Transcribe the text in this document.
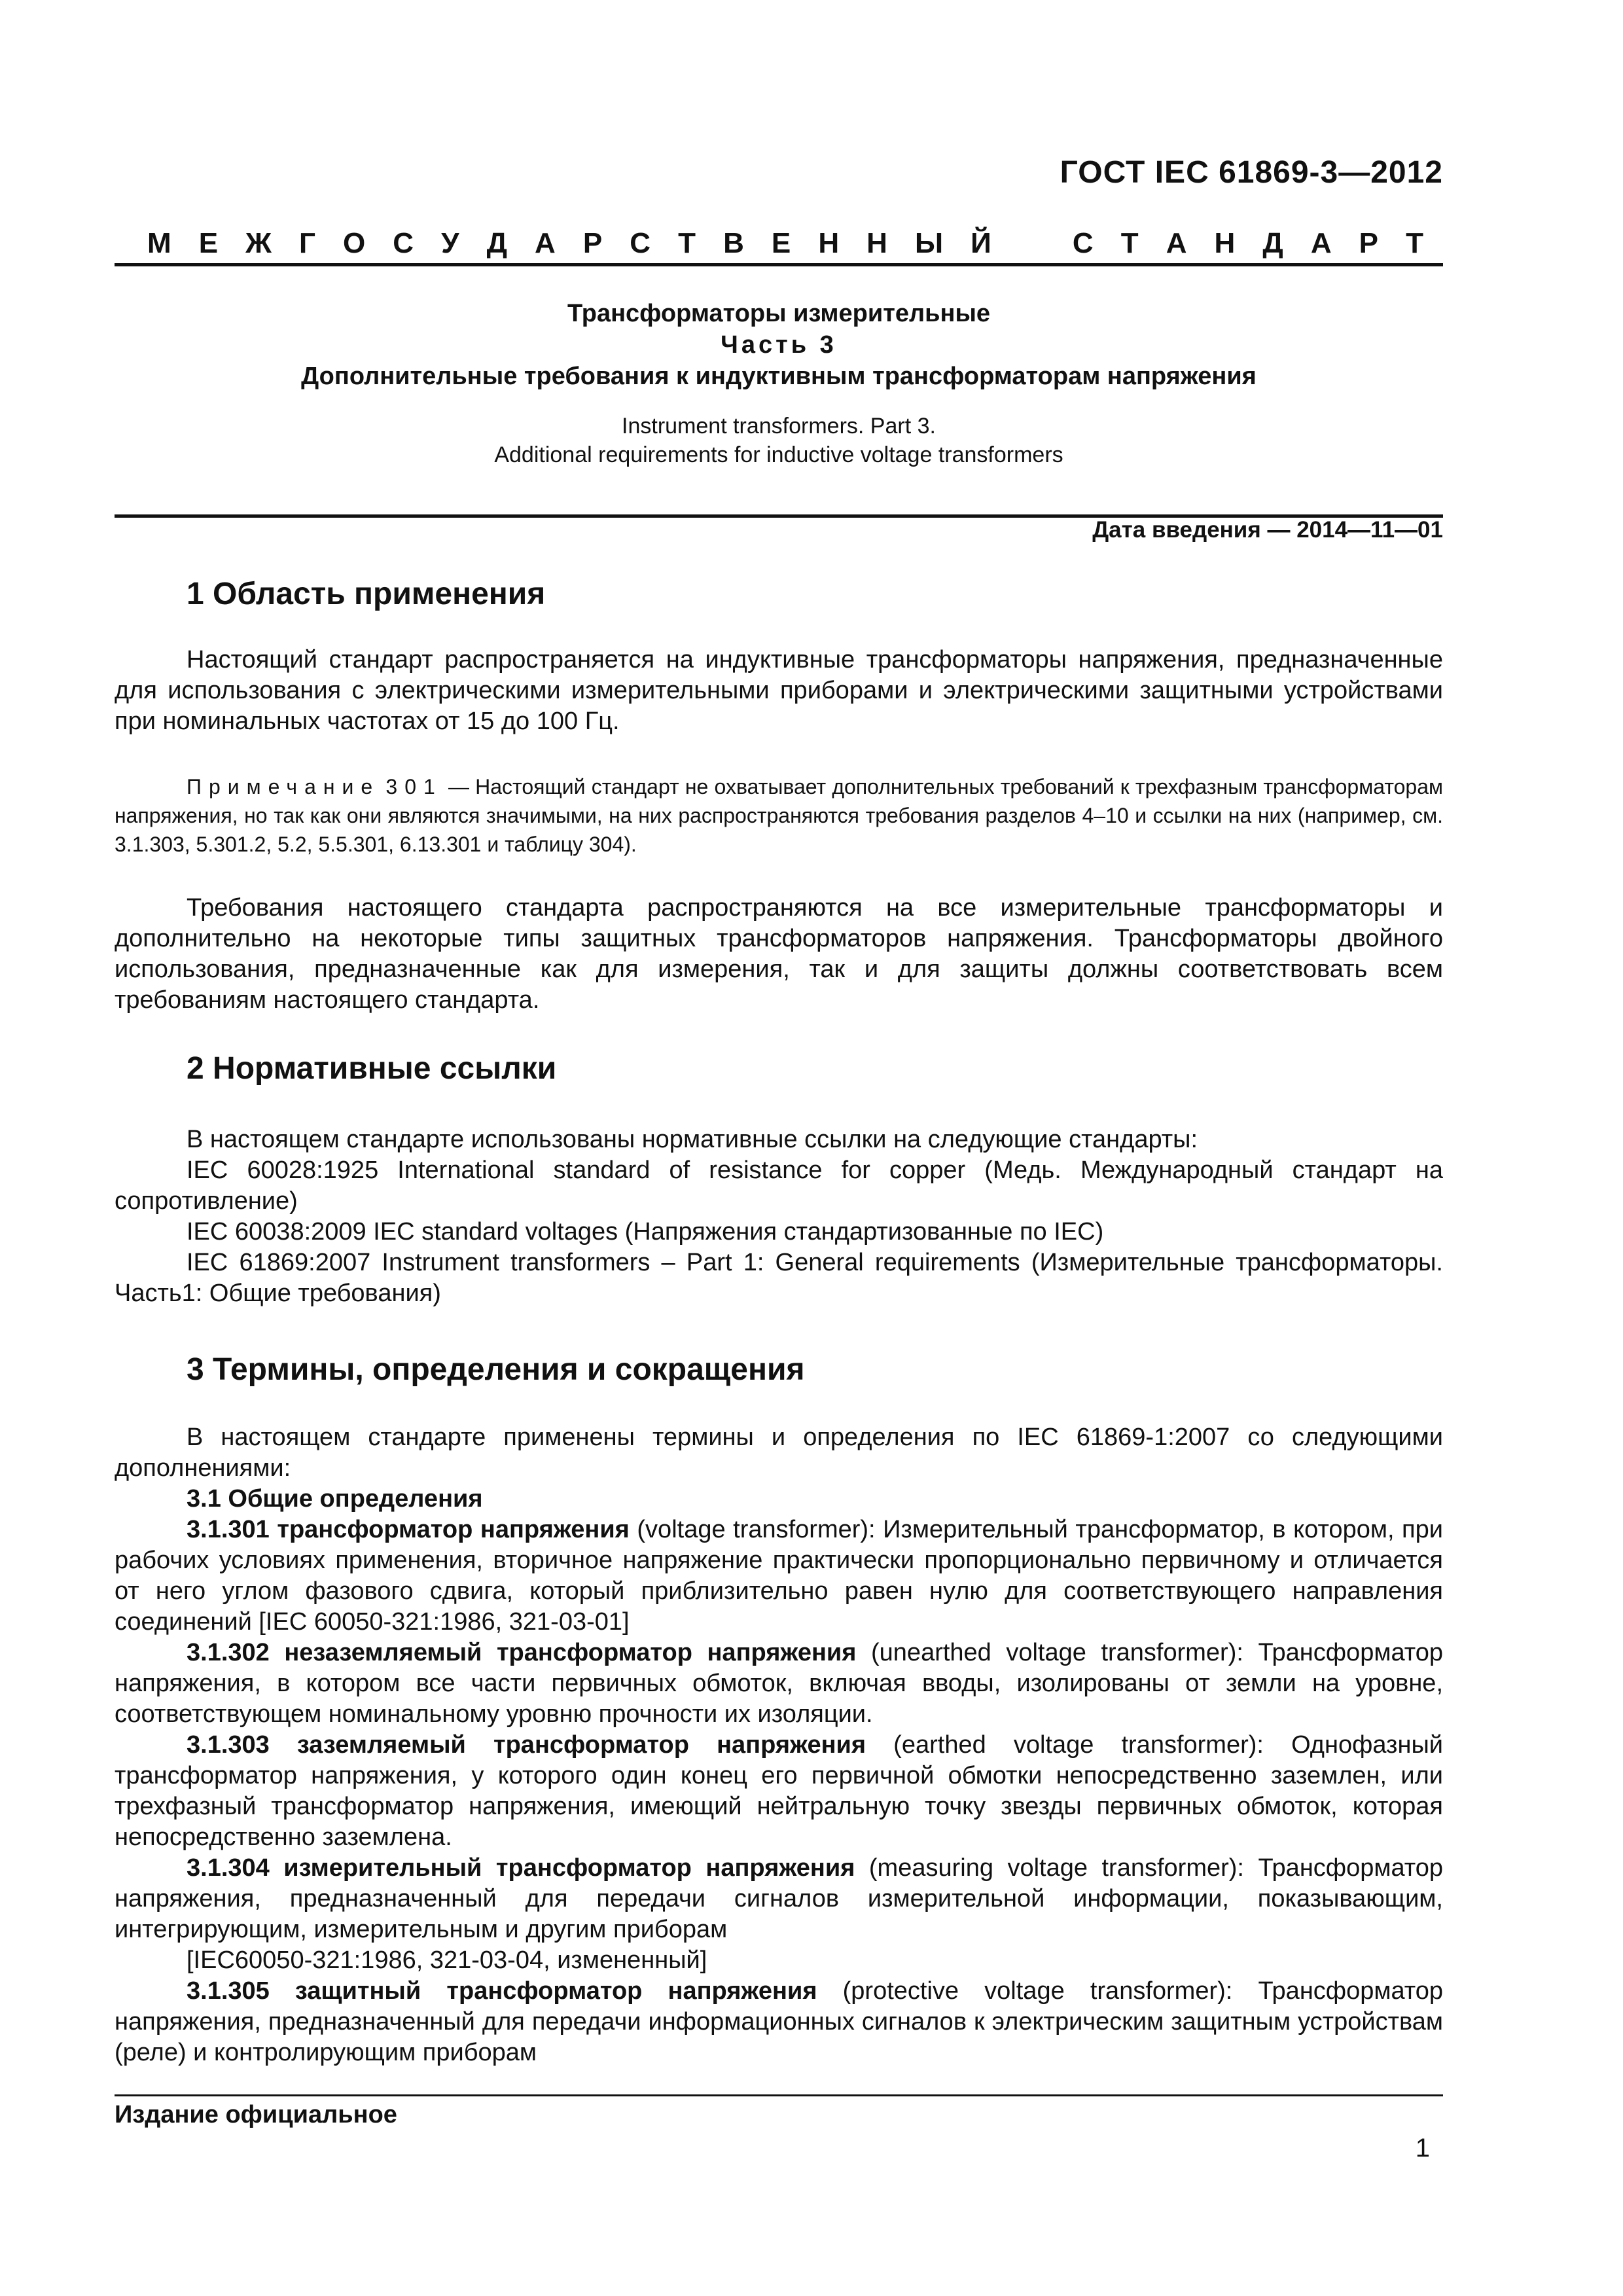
ГОСТ IEC 61869-3—2012
М Е Ж Г О С У Д А Р С Т В Е Н Н Ы Й	С Т А Н Д А Р Т
Трансформаторы измерительные
Часть 3
Дополнительные требования к индуктивным трансформаторам напряжения
Instrument transformers. Part 3.
Additional requirements for inductive voltage transformers
Дата введения — 2014—11—01
1 Область применения
Настоящий стандарт распространяется на индуктивные трансформаторы напряжения, предназначенные для использования с электрическими измерительными приборами и электрическими защитными устройствами при номинальных частотах от 15 до 100 Гц.
Примечание 301 — Настоящий стандарт не охватывает дополнительных требований к трехфазным трансформаторам напряжения, но так как они являются значимыми, на них распространяются требования разделов 4–10 и ссылки на них (например, см. 3.1.303, 5.301.2, 5.2, 5.5.301, 6.13.301 и таблицу 304).
Требования настоящего стандарта распространяются на все измерительные трансформаторы и дополнительно на некоторые типы защитных трансформаторов напряжения. Трансформаторы двойного использования, предназначенные как для измерения, так и для защиты должны соответствовать всем требованиям настоящего стандарта.
2 Нормативные ссылки
В настоящем стандарте использованы нормативные ссылки на следующие стандарты:
IEC 60028:1925 International standard of resistance for copper (Медь. Международный стандарт на сопротивление)
IEC 60038:2009 IEC standard voltages (Напряжения стандартизованные по IEC)
IEC 61869:2007 Instrument transformers – Part 1: General requirements (Измерительные трансформаторы. Часть1: Общие требования)
3 Термины, определения и сокращения
В настоящем стандарте применены термины и определения по IEC 61869-1:2007 со следующими дополнениями:
3.1 Общие определения
3.1.301 трансформатор напряжения (voltage transformer): Измерительный трансформатор, в котором, при рабочих условиях применения, вторичное напряжение практически пропорционально первичному и отличается от него углом фазового сдвига, который приблизительно равен нулю для соответствующего направления соединений [IEC 60050-321:1986, 321-03-01]
3.1.302 незаземляемый трансформатор напряжения (unearthed voltage transformer): Трансформатор напряжения, в котором все части первичных обмоток, включая вводы, изолированы от земли на уровне, соответствующем номинальному уровню прочности их изоляции.
3.1.303 заземляемый трансформатор напряжения (earthed voltage transformer): Однофазный трансформатор напряжения, у которого один конец его первичной обмотки непосредственно заземлен, или трехфазный трансформатор напряжения, имеющий нейтральную точку звезды первичных обмоток, которая непосредственно заземлена.
3.1.304 измерительный трансформатор напряжения (measuring voltage transformer): Трансформатор напряжения, предназначенный для передачи сигналов измерительной информации, показывающим, интегрирующим, измерительным и другим приборам
[IEC60050-321:1986, 321-03-04, измененный]
3.1.305 защитный трансформатор напряжения (protective voltage transformer): Трансформатор напряжения, предназначенный для передачи информационных сигналов к электрическим защитным устройствам (реле) и контролирующим приборам
Издание официальное
1
